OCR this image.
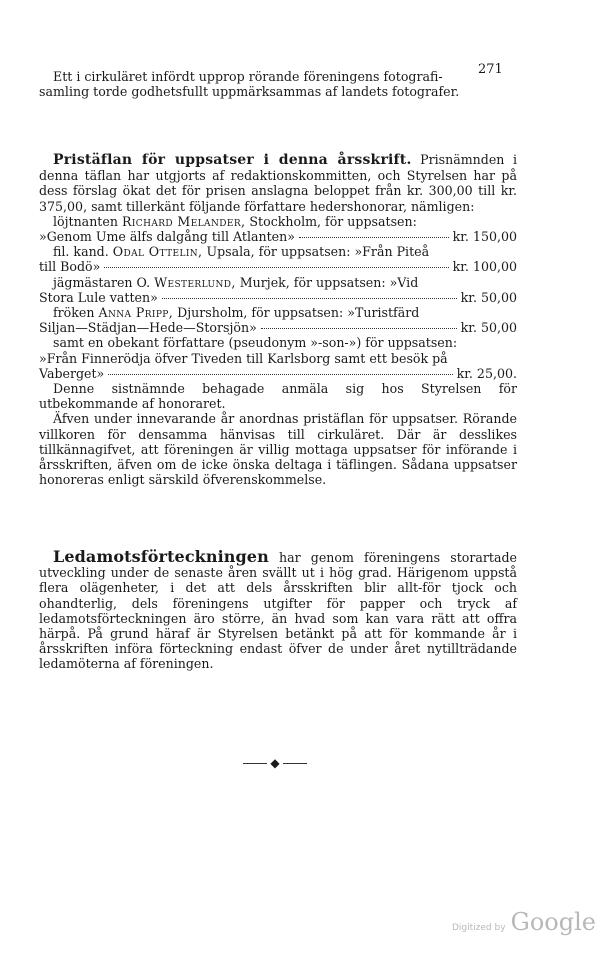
271

Ett i cirkuläret infördt upprop rörande föreningens fotografi-

samling torde godhetsfullt uppmärksammas af landets fotografer.

Pristäflan för uppsatser i denna årsskrift. Prisnämnden i denna täflan har utgjorts af redaktionskommitten, och Styrelsen har på dess förslag ökat det för prisen anslagna beloppet från kr. 300,00 till kr. 375,00, samt tillerkänt följande författare hedershonorar, nämligen:

löjtnanten Richard Melander, Stockholm, för uppsatsen:

»Genom Ume älfs dalgång till Atlanten»	kr. 150,00

fil. kand. Odal Ottelin, Upsala, för uppsatsen: »Från Piteå

till Bodö»	kr. 100,00

jägmästaren O. Westerlund, Murjek, för uppsatsen: »Vid

Stora Lule vatten»	kr. 50,00

fröken Anna Pripp, Djursholm, för uppsatsen: »Turistfärd

Siljan—Städjan—Hede—Storsjön»	kr. 50,00

samt en obekant författare (pseudonym »-son-») för uppsatsen:

»Från Finnerödja öfver Tiveden till Karlsborg samt ett besök på

Vaberget»	kr. 25,00.

Denne sistnämnde behagade anmäla sig hos Styrelsen för utbekommande af honoraret.

Äfven under innevarande år anordnas pristäflan för uppsatser. Rörande villkoren för densamma hänvisas till cirkuläret. Där är desslikes tillkännagifvet, att föreningen är villig mottaga uppsatser för införande i årsskriften, äfven om de icke önska deltaga i täflingen. Sådana uppsatser honoreras enligt särskild öfverenskommelse.

Ledamotsförteckningen har genom föreningens storartade utveckling under de senaste åren svällt ut i hög grad. Härigenom uppstå flera olägenheter, i det att dels årsskriften blir allt-för tjock och ohandterlig, dels föreningens utgifter för papper och tryck af ledamotsförteckningen äro större, än hvad som kan vara rätt att offra härpå. På grund häraf är Styrelsen betänkt på att för kommande år i årsskriften införa förteckning endast öfver de under året nytillträdande ledamöterna af föreningen.

◆
Digitized by Google
